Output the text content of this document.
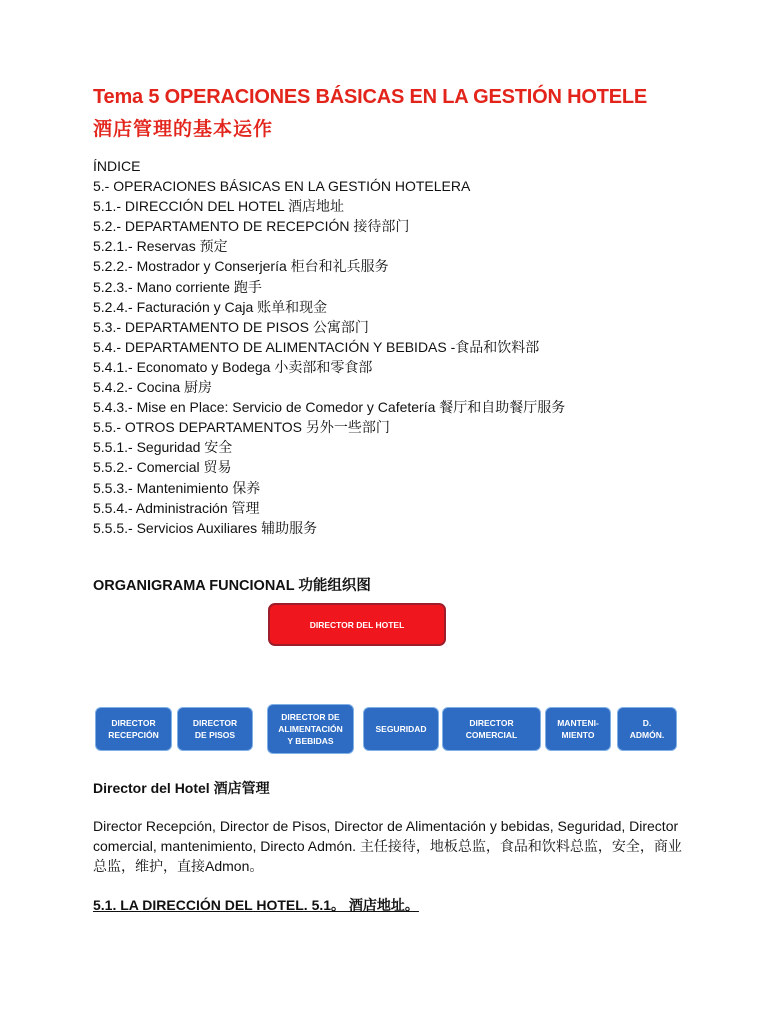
Tema 5 OPERACIONES BÁSICAS EN LA GESTIÓN HOTELE
酒店管理的基本运作
ÍNDICE
5.- OPERACIONES BÁSICAS EN LA GESTIÓN HOTELERA
5.1.- DIRECCIÓN DEL HOTEL 酒店地址
5.2.- DEPARTAMENTO DE RECEPCIÓN 接待部门
5.2.1.- Reservas 预定
5.2.2.- Mostrador y Conserjería 柜台和礼兵服务
5.2.3.- Mano corriente 跑手
5.2.4.- Facturación y Caja 账单和现金
5.3.- DEPARTAMENTO DE PISOS 公寓部门
5.4.- DEPARTAMENTO DE ALIMENTACIÓN Y BEBIDAS -食品和饮料部
5.4.1.- Economato y Bodega 小卖部和零食部
5.4.2.- Cocina 厨房
5.4.3.- Mise en Place: Servicio de Comedor y Cafetería 餐厅和自助餐厅服务
5.5.- OTROS DEPARTAMENTOS 另外一些部门
5.5.1.- Seguridad 安全
5.5.2.- Comercial 贸易
5.5.3.- Mantenimiento 保养
5.5.4.- Administración 管理
5.5.5.- Servicios Auxiliares 辅助服务
ORGANIGRAMA FUNCIONAL 功能组织图
DIRECTOR DEL HOTEL
DIRECTOR
RECEPCIÓN
DIRECTOR
DE PISOS
DIRECTOR DE
ALIMENTACIÓN
Y BEBIDAS
SEGURIDAD
DIRECTOR
COMERCIAL
MANTENI-
MIENTO
D.
ADMÓN.
Director del Hotel 酒店管理
Director Recepción, Director de Pisos, Director de Alimentación y bebidas, Seguridad, Director comercial, mantenimiento, Directo Admón. 主任接待，地板总监，食品和饮料总监，安全，商业总监，维护，直接Admon。
5.1. LA DIRECCIÓN DEL HOTEL. 5.1。 酒店地址。
